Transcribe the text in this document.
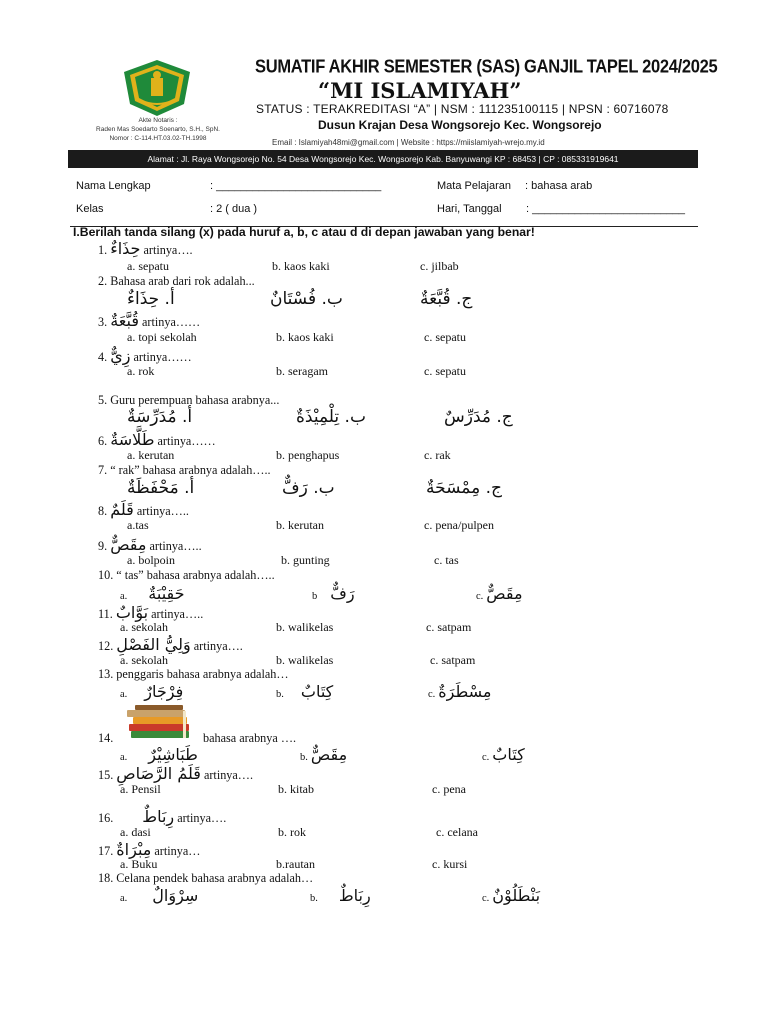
Akte Notaris :
Raden Mas Soedarto Soenarto, S.H., SpN.
Nomor : C-114.HT.03.02-TH.1998
SUMATIF AKHIR SEMESTER (SAS) GANJIL TAPEL 2024/2025
“MI ISLAMIYAH”
STATUS : TERAKREDITASI “A” | NSM : 111235100115 | NPSN : 60716078
Dusun Krajan Desa Wongsorejo Kec. Wongsorejo
Email : Islamiyah48mi@gmail.com | Website : https://miislamiyah-wrejo.my.id
Alamat : Jl. Raya Wongsorejo No. 54 Desa Wongsorejo Kec. Wongsorejo Kab. Banyuwangi KP : 68453 | CP : 085331919641
Nama Lengkap	: ___________________________	Mata Pelajaran : bahasa arab
Kelas	: 2 ( dua )	Hari, Tanggal : _________________________
I.Berilah tanda silang (x) pada huruf a, b, c atau d di depan jawaban yang benar!
1. حِذَاءٌ artinya….
a. sepatu	b. kaos kaki	c. jilbab
2. Bahasa arab dari rok adalah...
أ. حِذَاءٌ	ب. فُسْتَانٌ	ج. قُبَّعَةٌ
3. قُبَّعَةٌ artinya……
a. topi sekolah	b. kaos kaki	c. sepatu
4. زِيٌّ artinya……
a. rok	b. seragam	c. sepatu
5. Guru perempuan bahasa arabnya...
أ. مُدَرِّسَةٌ	ب. تِلْمِيْذَةٌ	ج. مُدَرِّسٌ
6. طَلَّاسَةٌ artinya……
a. kerutan	b. penghapus	c. rak
7. “ rak” bahasa arabnya adalah…..
أ. مَحْفَظَةٌ	ب. رَفٌّ	ج. مِمْسَحَةٌ
8. قَلَمٌ artinya…..
a.tas	b. kerutan	c. pena/pulpen
9. مِقَصٌّ artinya…..
a. bolpoin	b. gunting	c. tas
10. “ tas” bahasa arabnya adalah…..
a. حَقِيْبَةٌ	b رَفٌّ	c. مِقَصٌّ
11. بَوَّابٌ artinya…..
a. sekolah	b. walikelas	c. satpam
12. وَلِيُّ الفَصْلِ artinya….
a. sekolah	b. walikelas	c. satpam
13. penggaris bahasa arabnya adalah…
a. فِرْجَارٌ	b. كِتَابٌ	c. مِسْطَرَةٌ
14.	bahasa arabnya ….
a. طَبَاشِيْرٌ	b. مِقَصٌّ	c. كِتَابٌ
15. قَلَمُ الرَّصَاصِ artinya….
a. Pensil	b. kitab	c. pena
16. رِبَاطٌ artinya….
a. dasi	b. rok	c. celana
17. مِبْرَاةٌ artinya…
a. Buku	b.rautan	c. kursi
18. Celana pendek bahasa arabnya adalah…
a. سِرْوَالٌ	b. رِبَاطٌ	c. بَنْطَلُوْنٌ
